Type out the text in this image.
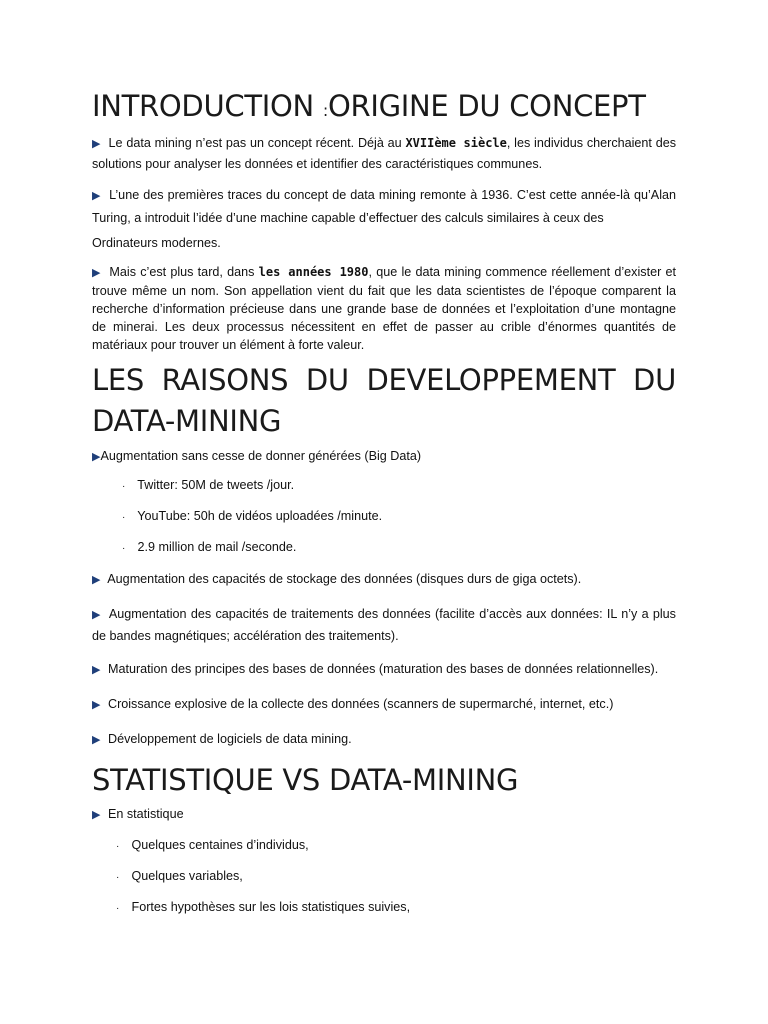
INTRODUCTION :ORIGINE DU CONCEPT

▶ Le data mining n’est pas un concept récent. Déjà au XVIIème siècle, les individus cherchaient des solutions pour analyser les données et identifier des caractéristiques communes.

▶ L’une des premières traces du concept de data mining remonte à 1936. C’est cette année-là qu’Alan Turing, a introduit l’idée d’une machine capable d’effectuer des calculs similaires à ceux des

Ordinateurs modernes.

▶ Mais c’est plus tard, dans les années 1980, que le data mining commence réellement d’exister et trouve même un nom. Son appellation vient du fait que les data scientistes de l’époque comparent la recherche d’information précieuse dans une grande base de données et l’exploitation d’une montagne de minerai. Les deux processus nécessitent en effet de passer au crible d’énormes quantités de matériaux pour trouver un élément à forte valeur.

LES RAISONS DU DEVELOPPEMENT DU DATA-MINING

▶Augmentation sans cesse de donner générées (Big Data)

· Twitter: 50M de tweets /jour.
· YouTube: 50h de vidéos uploadées /minute.
· 2.9 million de mail /seconde.

▶ Augmentation des capacités de stockage des données (disques durs de giga octets).

▶ Augmentation des capacités de traitements des données (facilite d’accès aux données: IL n’y a plus de bandes magnétiques; accélération des traitements).

▶ Maturation des principes des bases de données (maturation des bases de données relationnelles).

▶ Croissance explosive de la collecte des données (scanners de supermarché, internet, etc.)

▶ Développement de logiciels de data mining.

STATISTIQUE VS DATA-MINING

▶ En statistique

· Quelques centaines d’individus,
· Quelques variables,
· Fortes hypothèses sur les lois statistiques suivies,
